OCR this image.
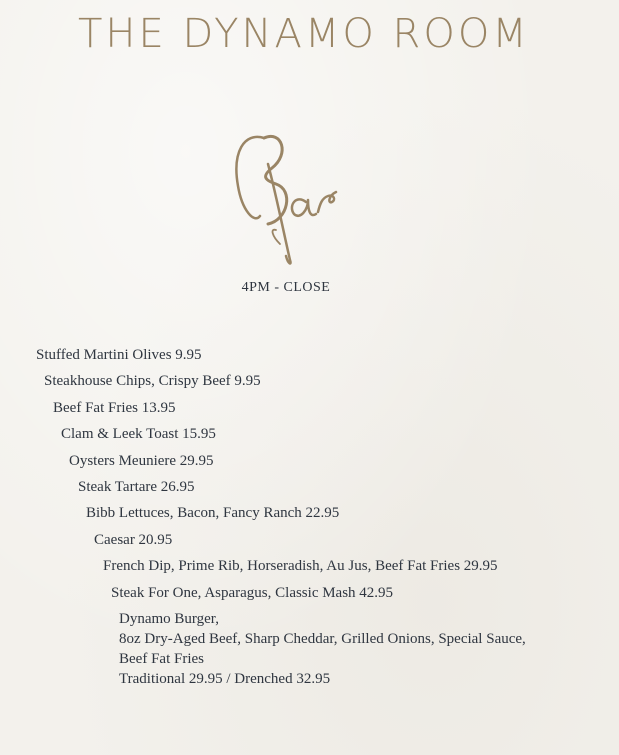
THE DYNAMO ROOM
4PM - CLOSE

Stuffed Martini Olives 9.95

Steakhouse Chips, Crispy Beef 9.95

Beef Fat Fries 13.95

Clam & Leek Toast 15.95

Oysters Meuniere 29.95

Steak Tartare 26.95

Bibb Lettuces, Bacon, Fancy Ranch 22.95

Caesar 20.95

French Dip, Prime Rib, Horseradish, Au Jus, Beef Fat Fries 29.95

Steak For One, Asparagus, Classic Mash 42.95

Dynamo Burger,

8oz Dry-Aged Beef, Sharp Cheddar, Grilled Onions, Special Sauce,

Beef Fat Fries

Traditional 29.95 / Drenched 32.95
